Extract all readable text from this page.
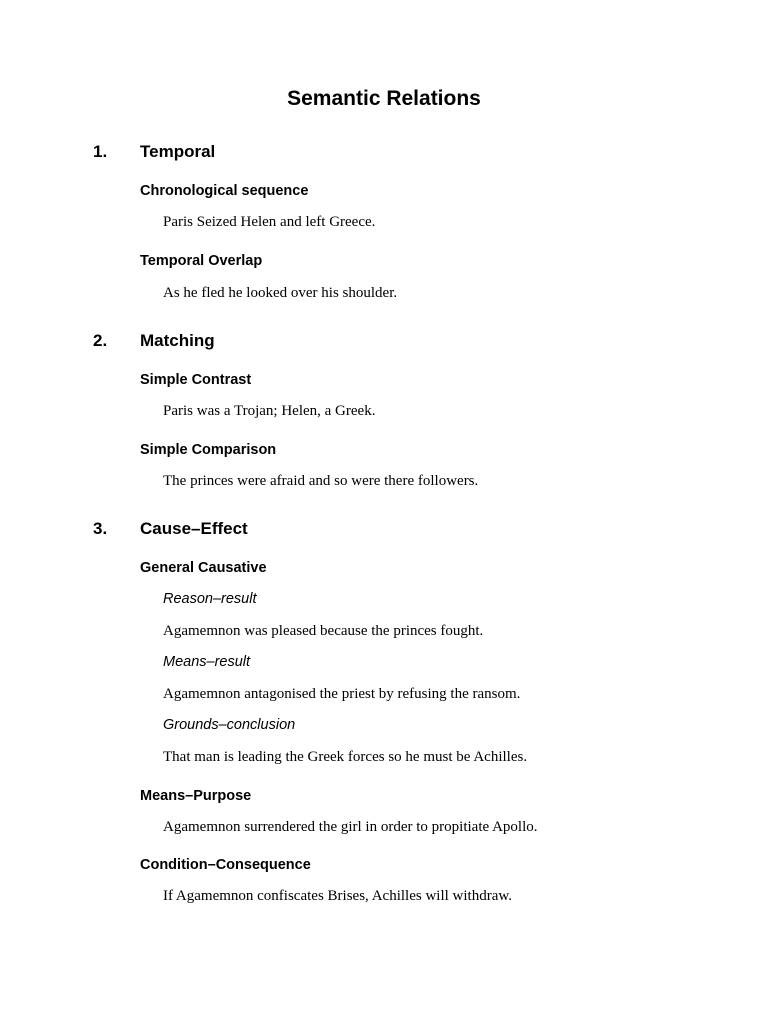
Semantic Relations
1. Temporal
Chronological sequence
Paris Seized Helen and left Greece.
Temporal Overlap
As he fled he looked over his shoulder.
2. Matching
Simple Contrast
Paris was a Trojan; Helen, a Greek.
Simple Comparison
The princes were afraid and so were there followers.
3. Cause–Effect
General Causative
Reason–result
Agamemnon was pleased because the princes fought.
Means–result
Agamemnon antagonised the priest by refusing the ransom.
Grounds–conclusion
That man is leading the Greek forces so he must be Achilles.
Means–Purpose
Agamemnon surrendered the girl in order to propitiate Apollo.
Condition–Consequence
If Agamemnon confiscates Brises, Achilles will withdraw.
